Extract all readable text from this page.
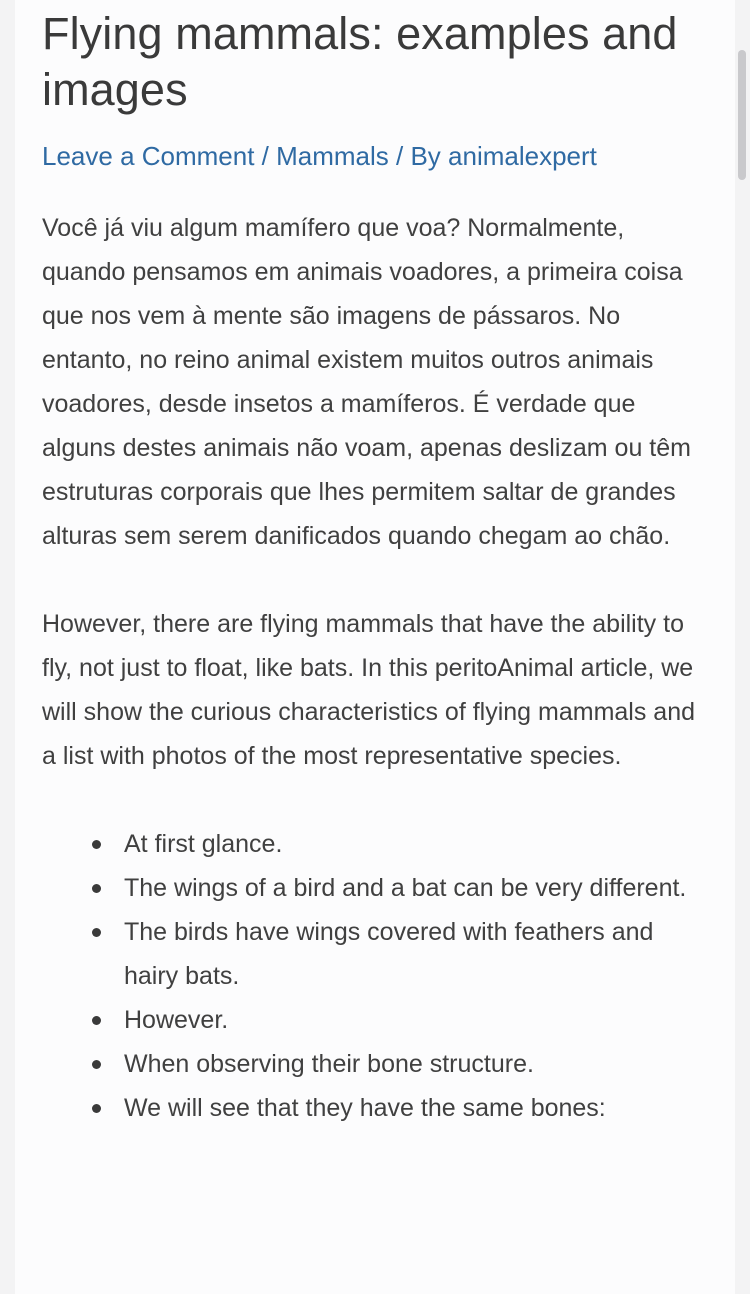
Flying mammals: examples and images
Leave a Comment / Mammals / By animalexpert

Você já viu algum mamífero que voa? Normalmente, quando pensamos em animais voadores, a primeira coisa que nos vem à mente são imagens de pássaros. No entanto, no reino animal existem muitos outros animais voadores, desde insetos a mamíferos. É verdade que alguns destes animais não voam, apenas deslizam ou têm estruturas corporais que lhes permitem saltar de grandes alturas sem serem danificados quando chegam ao chão.

However, there are flying mammals that have the ability to fly, not just to float, like bats. In this peritoAnimal article, we will show the curious characteristics of flying mammals and a list with photos of the most representative species.

At first glance.
The wings of a bird and a bat can be very different.
The birds have wings covered with feathers and hairy bats.
However.
When observing their bone structure.
We will see that they have the same bones:
